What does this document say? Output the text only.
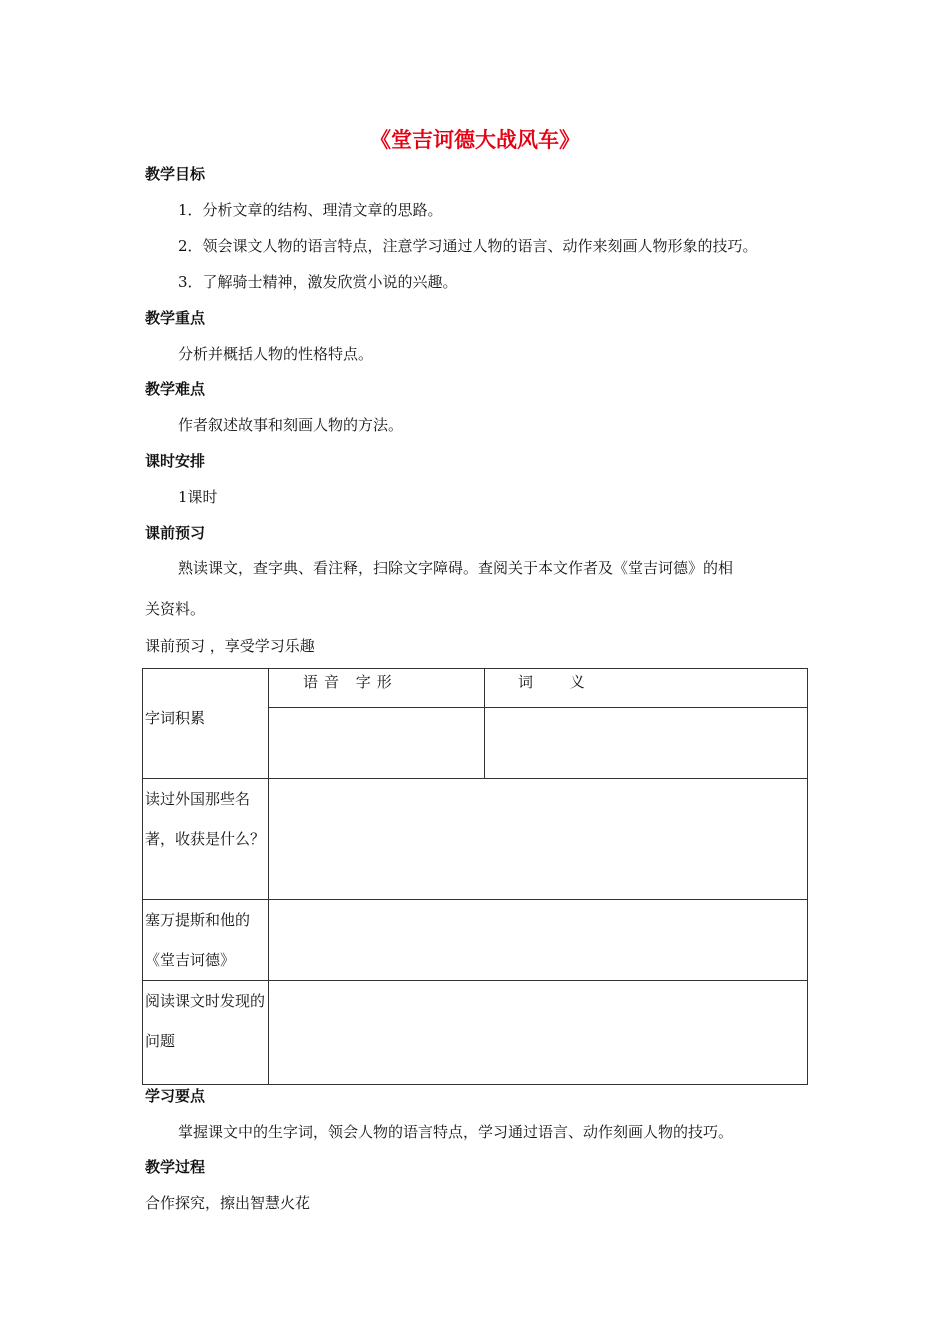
《堂吉诃德大战风车》
教学目标
1．分析文章的结构、理清文章的思路。
2．领会课文人物的语言特点，注意学习通过人物的语言、动作来刻画人物形象的技巧。
3．了解骑士精神，激发欣赏小说的兴趣。
教学重点
分析并概括人物的性格特点。
教学难点
作者叙述故事和刻画人物的方法。
课时安排
1课时
课前预习
熟读课文，查字典、看注释，扫除文字障碍。查阅关于本文作者及《堂吉诃德》的相
关资料。
课前预习 ，享受学习乐趣
字词积累	语音 字形	词 义

读过外国那些名著，收获是什么？		
塞万提斯和他的《堂吉诃德》		
阅读课文时发现的问题		
学习要点
掌握课文中的生字词，领会人物的语言特点，学习通过语言、动作刻画人物的技巧。
教学过程
合作探究，擦出智慧火花
